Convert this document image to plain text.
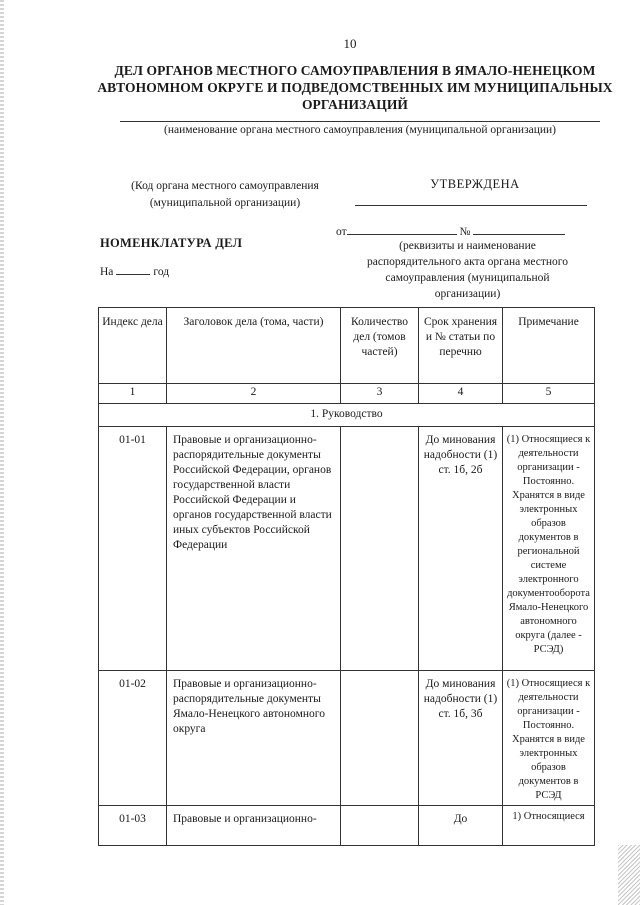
10
ДЕЛ ОРГАНОВ МЕСТНОГО САМОУПРАВЛЕНИЯ В ЯМАЛО-НЕНЕЦКОМ
АВТОНОМНОМ ОКРУГЕ И ПОДВЕДОМСТВЕННЫХ ИМ МУНИЦИПАЛЬНЫХ
ОРГАНИЗАЦИЙ
(наименование органа местного самоуправления (муниципальной организации)
(Код органа местного самоуправления
(муниципальной организации)
УТВЕРЖДЕНА
от	№
(реквизиты и наименование
распорядительного акта органа местного
самоуправления (муниципальной
организации)
НОМЕНКЛАТУРА ДЕЛ
На	год
Индекс дела	Заголовок дела (тома, части)	Количество дел (томов частей)	Срок хранения и № статьи по перечню	Примечание
1	2	3	4	5
1. Руководство				
01-01	Правовые и организационно-распорядительные документы Российской Федерации, органов государственной власти Российской Федерации и органов государственной власти иных субъектов Российской Федерации		До минования надобности (1) ст. 1б, 2б	(1) Относящиеся к деятельности организации - Постоянно. Хранятся в виде электронных образов документов в региональной системе электронного документооборота Ямало-Ненецкого автономного округа (далее - РСЭД)
01-02	Правовые и организационно-распорядительные документы Ямало-Ненецкого автономного округа		До минования надобности (1) ст. 1б, 3б	(1) Относящиеся к деятельности организации - Постоянно. Хранятся в виде электронных образов документов в РСЭД
01-03	Правовые и организационно-		До	1) Относящиеся
